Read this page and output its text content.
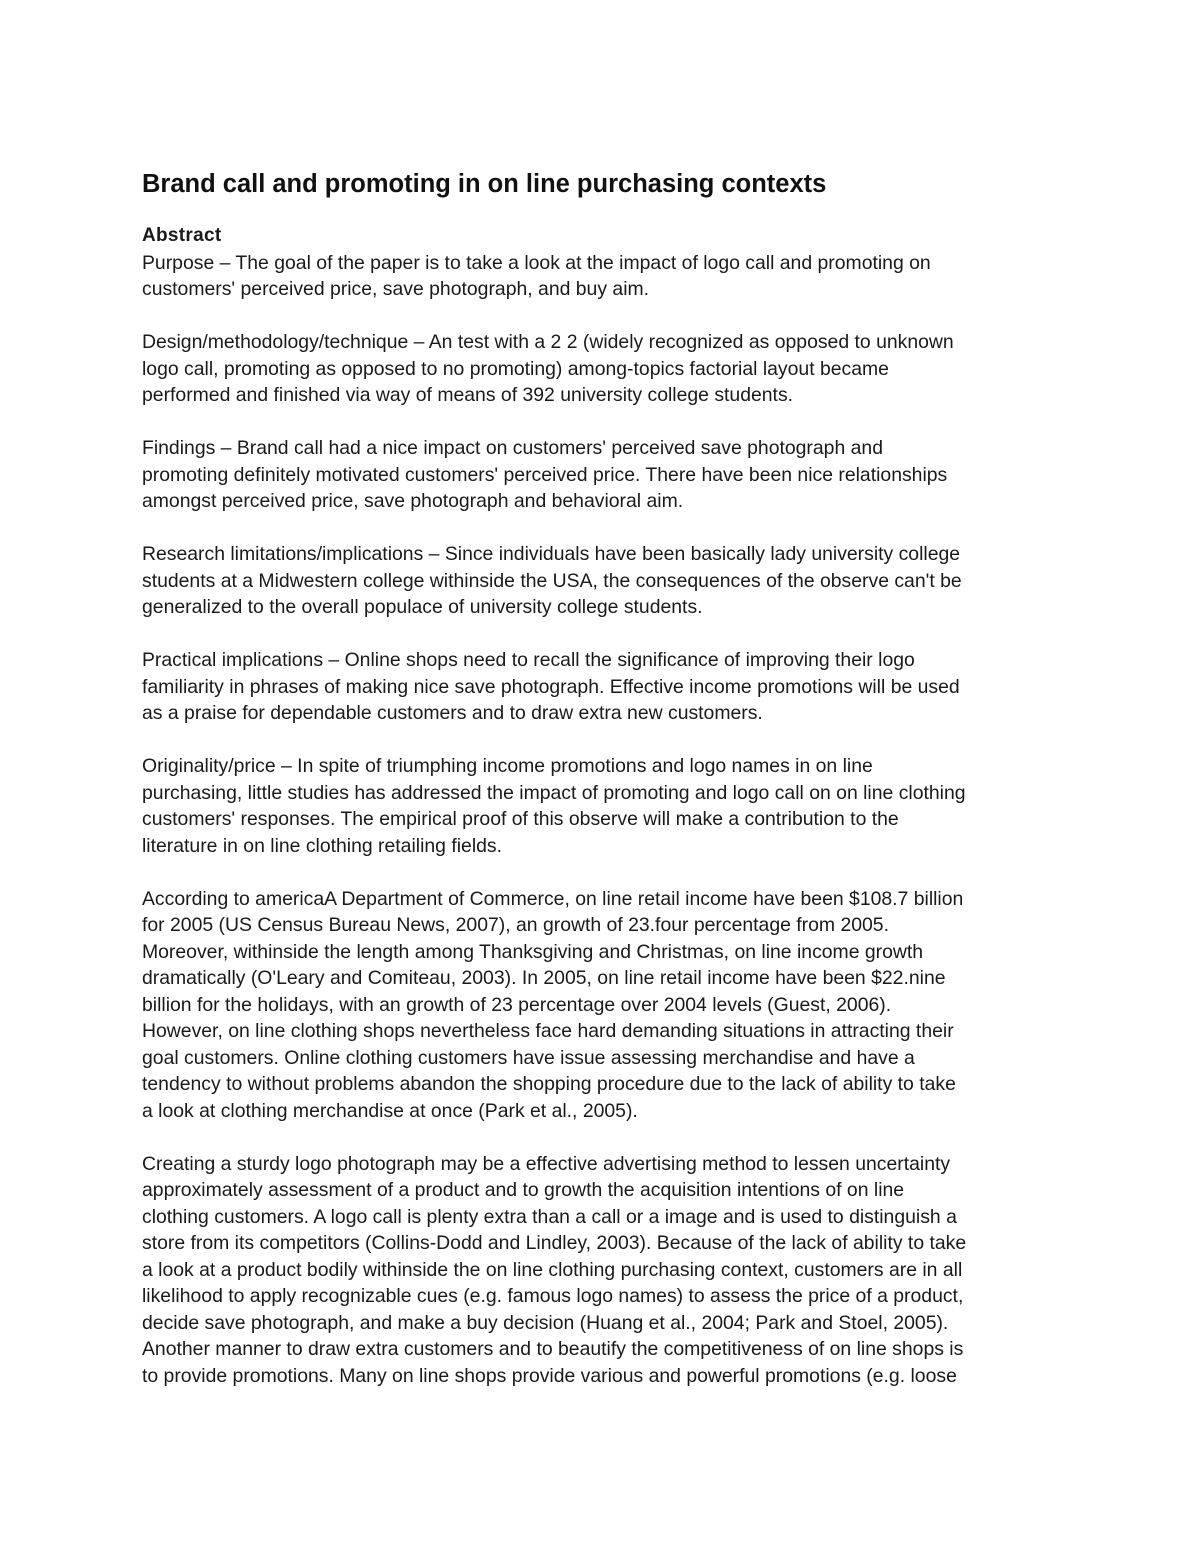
Brand call and promoting in on line purchasing contexts
Abstract

Purpose – The goal of the paper is to take a look at the impact of logo call and promoting on
customers' perceived price, save photograph, and buy aim.

Design/methodology/technique – An test with a 2 2 (widely recognized as opposed to unknown
logo call, promoting as opposed to no promoting) among-topics factorial layout became
performed and finished via way of means of 392 university college students.

Findings – Brand call had a nice impact on customers' perceived save photograph and
promoting definitely motivated customers' perceived price. There have been nice relationships
amongst perceived price, save photograph and behavioral aim.

Research limitations/implications – Since individuals have been basically lady university college
students at a Midwestern college withinside the USA, the consequences of the observe can't be
generalized to the overall populace of university college students.

Practical implications – Online shops need to recall the significance of improving their logo
familiarity in phrases of making nice save photograph. Effective income promotions will be used
as a praise for dependable customers and to draw extra new customers.

Originality/price – In spite of triumphing income promotions and logo names in on line
purchasing, little studies has addressed the impact of promoting and logo call on on line clothing
customers' responses. The empirical proof of this observe will make a contribution to the
literature in on line clothing retailing fields.

According to americaA Department of Commerce, on line retail income have been $108.7 billion
for 2005 (US Census Bureau News, 2007), an growth of 23.four percentage from 2005.
Moreover, withinside the length among Thanksgiving and Christmas, on line income growth
dramatically (O'Leary and Comiteau, 2003). In 2005, on line retail income have been $22.nine
billion for the holidays, with an growth of 23 percentage over 2004 levels (Guest, 2006).
However, on line clothing shops nevertheless face hard demanding situations in attracting their
goal customers. Online clothing customers have issue assessing merchandise and have a
tendency to without problems abandon the shopping procedure due to the lack of ability to take
a look at clothing merchandise at once (Park et al., 2005).

Creating a sturdy logo photograph may be a effective advertising method to lessen uncertainty
approximately assessment of a product and to growth the acquisition intentions of on line
clothing customers. A logo call is plenty extra than a call or a image and is used to distinguish a
store from its competitors (Collins-Dodd and Lindley, 2003). Because of the lack of ability to take
a look at a product bodily withinside the on line clothing purchasing context, customers are in all
likelihood to apply recognizable cues (e.g. famous logo names) to assess the price of a product,
decide save photograph, and make a buy decision (Huang et al., 2004; Park and Stoel, 2005).
Another manner to draw extra customers and to beautify the competitiveness of on line shops is
to provide promotions. Many on line shops provide various and powerful promotions (e.g. loose
